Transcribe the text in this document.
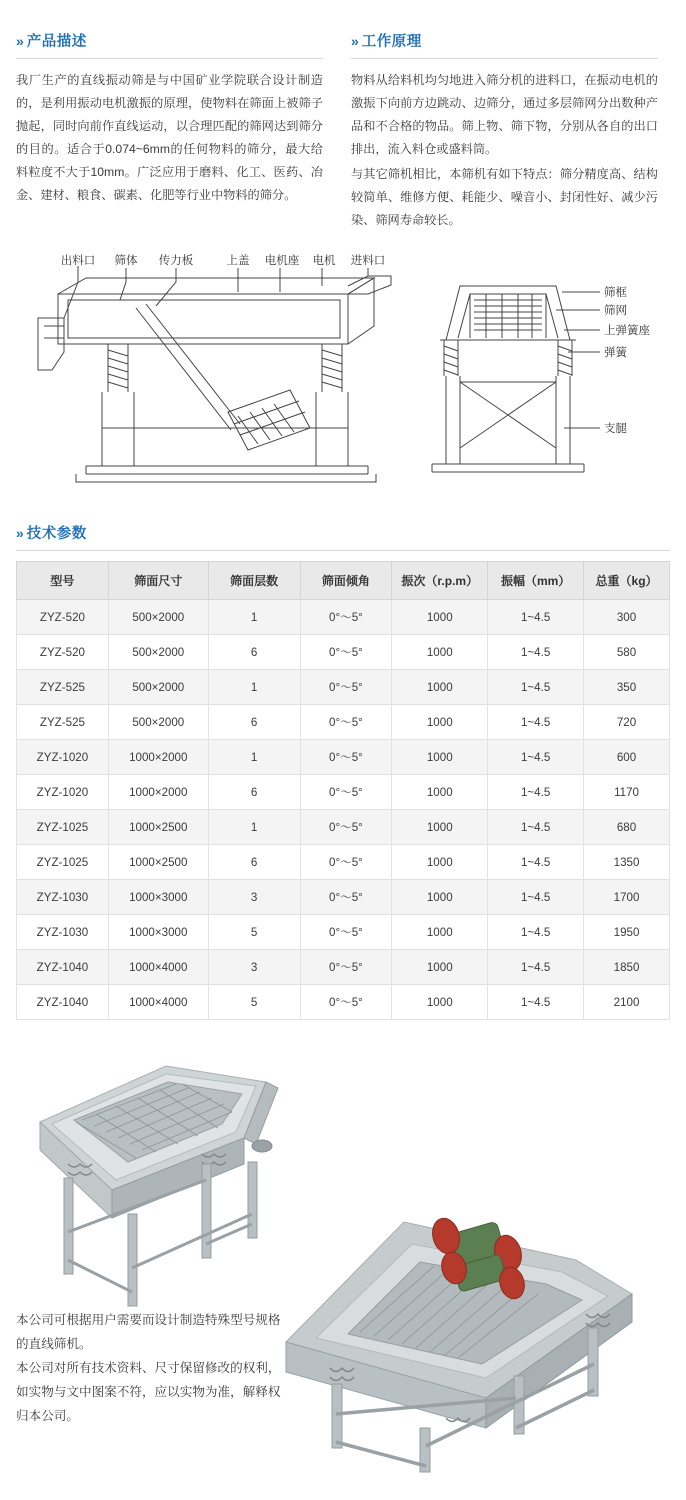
» 产品描述

我厂生产的直线振动筛是与中国矿业学院联合设计制造的，是利用振动电机激振的原理，使物料在筛面上被筛子抛起，同时向前作直线运动，以合理匹配的筛网达到筛分的目的。适合于0.074~6mm的任何物料的筛分，最大给料粒度不大于10mm。广泛应用于磨料、化工、医药、冶金、建材、粮食、碳素、化肥等行业中物料的筛分。

» 工作原理

物料从给料机均匀地进入筛分机的进料口，在振动电机的激振下向前方边跳动、边筛分，通过多层筛网分出数种产品和不合格的物品。筛上物、筛下物，分别从各自的出口排出，流入料仓或盛料筒。

与其它筛机相比，本筛机有如下特点：筛分精度高、结构较简单、维修方便、耗能少、噪音小、封闭性好、减少污染、筛网寿命较长。

出料口 筛体 传力板	上盖 电机座 电机 进料口
筛框
筛网
上弹簧座
弹簧
支腿
» 技术参数
型号	筛面尺寸	筛面层数	筛面倾角	振次（r.p.m）	振幅（mm）	总重（kg）
ZYZ-520	500×2000	1	0°～5°	1000	1~4.5	300
ZYZ-520	500×2000	6	0°～5°	1000	1~4.5	580
ZYZ-525	500×2000	1	0°～5°	1000	1~4.5	350
ZYZ-525	500×2000	6	0°～5°	1000	1~4.5	720
ZYZ-1020	1000×2000	1	0°～5°	1000	1~4.5	600
ZYZ-1020	1000×2000	6	0°～5°	1000	1~4.5	1170
ZYZ-1025	1000×2500	1	0°～5°	1000	1~4.5	680
ZYZ-1025	1000×2500	6	0°～5°	1000	1~4.5	1350
ZYZ-1030	1000×3000	3	0°～5°	1000	1~4.5	1700
ZYZ-1030	1000×3000	5	0°～5°	1000	1~4.5	1950
ZYZ-1040	1000×4000	3	0°～5°	1000	1~4.5	1850
ZYZ-1040	1000×4000	5	0°～5°	1000	1~4.5	2100

本公司可根据用户需要而设计制造特殊型号规格的直线筛机。

本公司对所有技术资料、尺寸保留修改的权利，如实物与文中图案不符，应以实物为准，解释权归本公司。
